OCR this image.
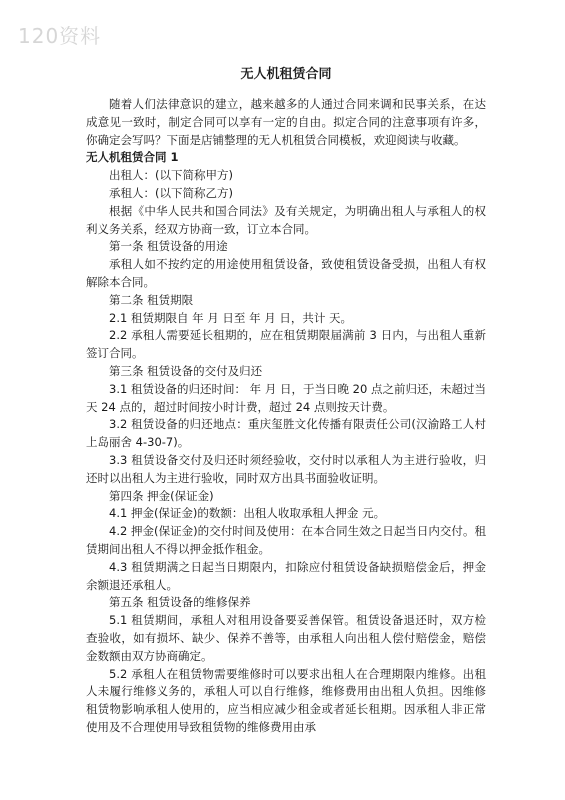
120资料
无人机租赁合同

随着人们法律意识的建立，越来越多的人通过合同来调和民事关系，在达成意见一致时，制定合同可以享有一定的自由。拟定合同的注意事项有许多，你确定会写吗？下面是店铺整理的无人机租赁合同模板，欢迎阅读与收藏。

无人机租赁合同 1

出租人：(以下简称甲方)

承租人：(以下简称乙方)

根据《中华人民共和国合同法》及有关规定，为明确出租人与承租人的权利义务关系，经双方协商一致，订立本合同。

第一条 租赁设备的用途

承租人如不按约定的用途使用租赁设备，致使租赁设备受损，出租人有权解除本合同。

第二条 租赁期限

2.1 租赁期限自 年 月 日至 年 月 日，共计 天。

2.2 承租人需要延长租期的，应在租赁期限届满前 3 日内，与出租人重新签订合同。

第三条 租赁设备的交付及归还

3.1 租赁设备的归还时间： 年 月 日，于当日晚 20 点之前归还，未超过当天 24 点的，超过时间按小时计费，超过 24 点则按天计费。

3.2 租赁设备的归还地点：重庆玺胜文化传播有限责任公司(汉渝路工人村上岛丽舍 4-30-7)。

3.3 租赁设备交付及归还时须经验收，交付时以承租人为主进行验收，归还时以出租人为主进行验收，同时双方出具书面验收证明。

第四条 押金(保证金)

4.1 押金(保证金)的数额：出租人收取承租人押金 元。

4.2 押金(保证金)的交付时间及使用：在本合同生效之日起当日内交付。租赁期间出租人不得以押金抵作租金。

4.3 租赁期满之日起当日期限内，扣除应付租赁设备缺损赔偿金后，押金余额退还承租人。

第五条 租赁设备的维修保养

5.1 租赁期间，承租人对租用设备要妥善保管。租赁设备退还时，双方检查验收，如有损坏、缺少、保养不善等，由承租人向出租人偿付赔偿金，赔偿金数额由双方协商确定。

5.2 承租人在租赁物需要维修时可以要求出租人在合理期限内维修。出租人未履行维修义务的，承租人可以自行维修，维修费用由出租人负担。因维修租赁物影响承租人使用的，应当相应减少租金或者延长租期。因承租人非正常使用及不合理使用导致租赁物的维修费用由承
